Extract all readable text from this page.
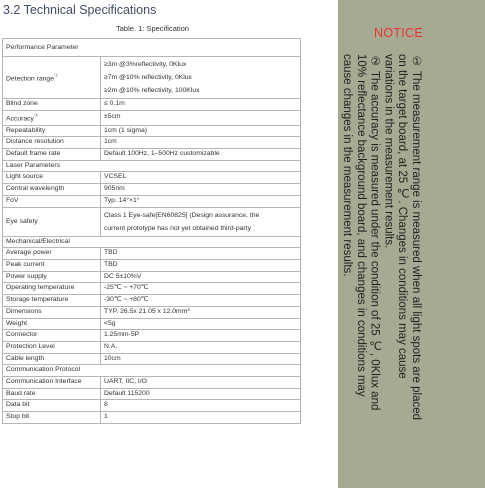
3.2 Technical Specifications
Table. 1: Specification
Performance Parameter	
Detection range①	≥3m @3%reflectivity, 0Klux
≥7m @10% reflectivity, 0Klux
≥2m @10% reflectivity, 100Klux

Blind zone	≤ 0.1m
Accuracy②	±5cm
Repeatability	1cm (1 sigma)
Distance resolution	1cm
Default frame rate	Default 100Hz, 1–500Hz customizable
Laser Parameters	
Light source	VCSEL
Central wavelength	905nm
FoV	Typ. 14°×1°
Eye safety	Class 1 Eye-safe[EN60825] (Design assurance, the
current prototype has not yet obtained third-party

Mechanical/Electrical	
Average power	TBD
Peak current	TBD
Power supply	DC 5±10%V
Operating temperature	-25℃ ~ +70℃
Storage temperature	-30℃ ~ +80℃
Dimensions	TYP. 26.5x 21.05 x 12.0mm³
Weight	<5g
Connector	1.25mm-5P
Protection Level	N.A.
Cable length	10cm
Communication Protocol	
Communication Interface	UART, IIC, I/O
Baud rate	Default 115200
Data bit	8
Stop bit	1
NOTICE

① The measurement range is measured when all light spots are placed on the target board, at 25 ℃. Changes in conditions may cause variations in the measurement results.

② The accuracy is measured under the condition of 25 ℃, 0Klux and 10% reflectance background board, and changes in conditions may cause changes in the measurement results.
